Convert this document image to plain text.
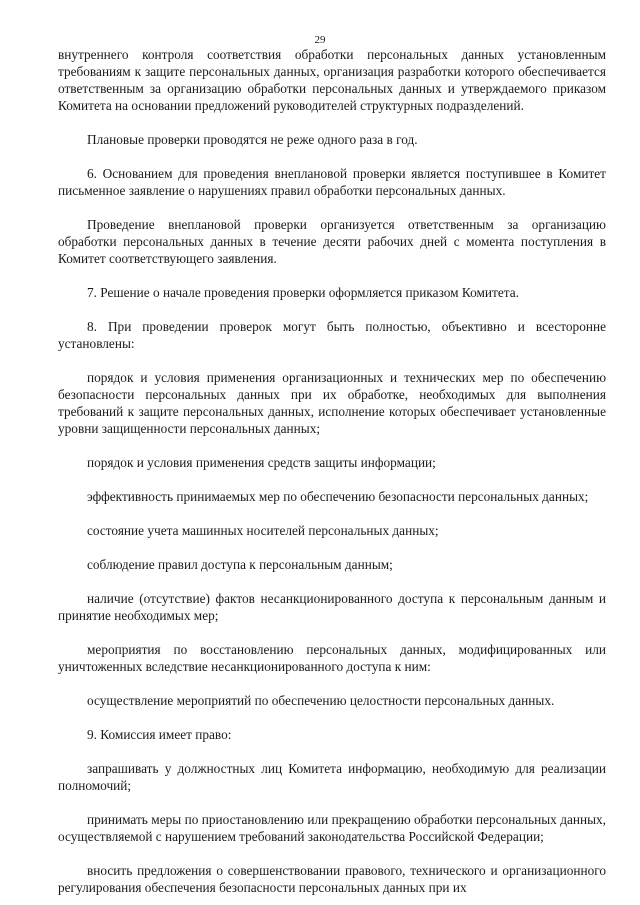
29

внутреннего контроля соответствия обработки персональных данных установленным требованиям к защите персональных данных, организация разработки которого обеспечивается ответственным за организацию обработки персональных данных и утверждаемого приказом Комитета на основании предложений руководителей структурных подразделений.

Плановые проверки проводятся не реже одного раза в год.

6. Основанием для проведения внеплановой проверки является поступившее в Комитет письменное заявление о нарушениях правил обработки персональных данных.

Проведение внеплановой проверки организуется ответственным за организацию обработки персональных данных в течение десяти рабочих дней с момента поступления в Комитет соответствующего заявления.

7. Решение о начале проведения проверки оформляется приказом Комитета.

8. При проведении проверок могут быть полностью, объективно и всесторонне установлены:

порядок и условия применения организационных и технических мер по обеспечению безопасности персональных данных при их обработке, необходимых для выполнения требований к защите персональных данных, исполнение которых обеспечивает установленные уровни защищенности персональных данных;

порядок и условия применения средств защиты информации;

эффективность принимаемых мер по обеспечению безопасности персональных данных;

состояние учета машинных носителей персональных данных;

соблюдение правил доступа к персональным данным;

наличие (отсутствие) фактов несанкционированного доступа к персональным данным и принятие необходимых мер;

мероприятия по восстановлению персональных данных, модифицированных или уничтоженных вследствие несанкционированного доступа к ним:

осуществление мероприятий по обеспечению целостности персональных данных.

9. Комиссия имеет право:

запрашивать у должностных лиц Комитета информацию, необходимую для реализации полномочий;

принимать меры по приостановлению или прекращению обработки персональных данных, осуществляемой с нарушением требований законодательства Российской Федерации;

вносить предложения о совершенствовании правового, технического и организационного регулирования обеспечения безопасности персональных данных при их
